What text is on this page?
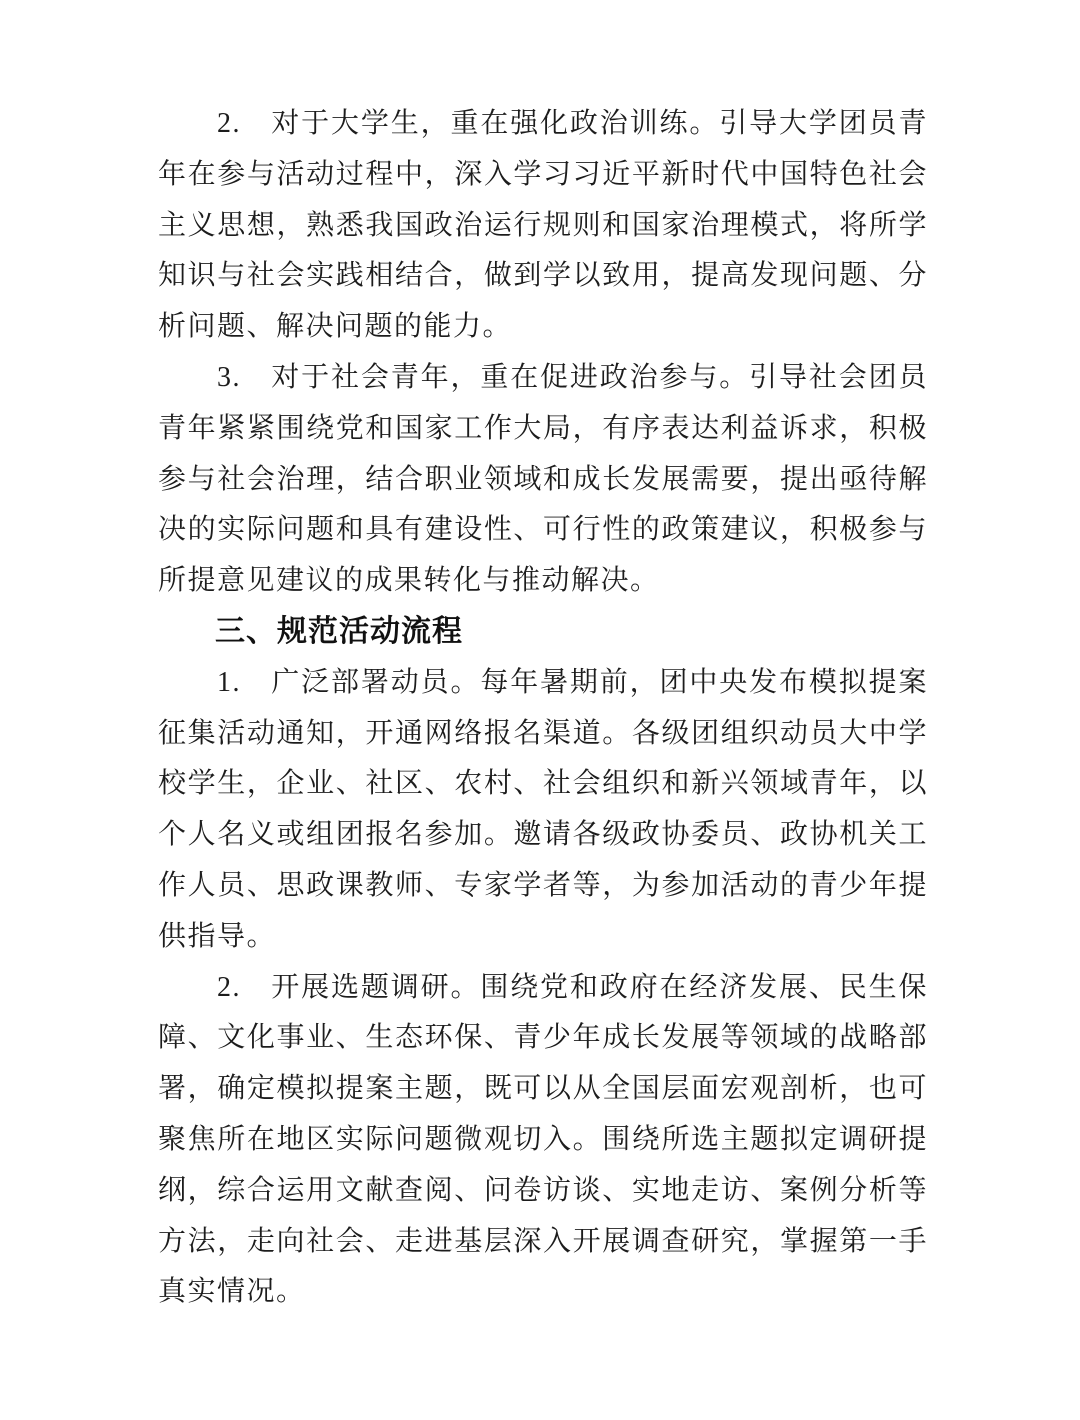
2.　对于大学生，重在强化政治训练。引导大学团员青年在参与活动过程中，深入学习习近平新时代中国特色社会主义思想，熟悉我国政治运行规则和国家治理模式，将所学知识与社会实践相结合，做到学以致用，提高发现问题、分析问题、解决问题的能力。

3.　对于社会青年，重在促进政治参与。引导社会团员青年紧紧围绕党和国家工作大局，有序表达利益诉求，积极参与社会治理，结合职业领域和成长发展需要，提出亟待解决的实际问题和具有建设性、可行性的政策建议，积极参与所提意见建议的成果转化与推动解决。

三、规范活动流程

1.　广泛部署动员。每年暑期前，团中央发布模拟提案征集活动通知，开通网络报名渠道。各级团组织动员大中学校学生，企业、社区、农村、社会组织和新兴领域青年，以个人名义或组团报名参加。邀请各级政协委员、政协机关工作人员、思政课教师、专家学者等，为参加活动的青少年提供指导。

2.　开展选题调研。围绕党和政府在经济发展、民生保障、文化事业、生态环保、青少年成长发展等领域的战略部署，确定模拟提案主题，既可以从全国层面宏观剖析，也可聚焦所在地区实际问题微观切入。围绕所选主题拟定调研提纲，综合运用文献查阅、问卷访谈、实地走访、案例分析等方法，走向社会、走进基层深入开展调查研究，掌握第一手真实情况。
